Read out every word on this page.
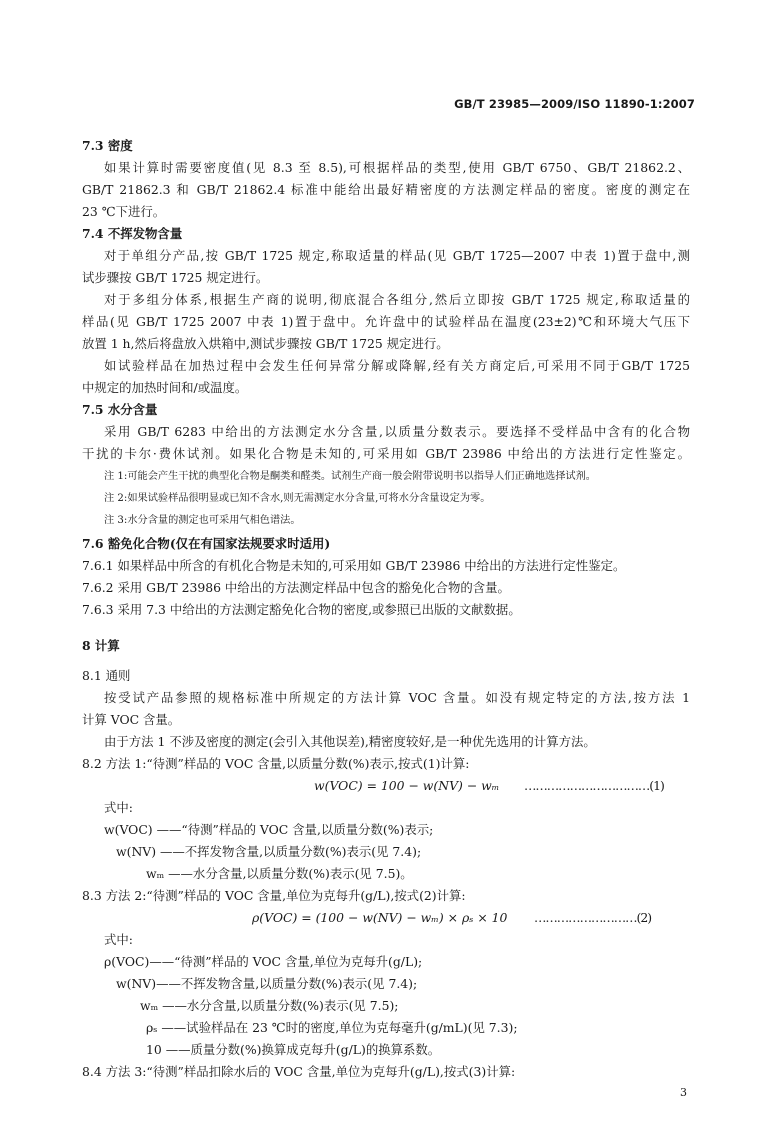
GB/T 23985—2009/ISO 11890-1:2007
7.3 密度
如果计算时需要密度值(见 8.3 至 8.5),可根据样品的类型,使用 GB/T 6750、GB/T 21862.2、
GB/T 21862.3 和 GB/T 21862.4 标准中能给出最好精密度的方法测定样品的密度。密度的测定在
23 ℃下进行。
7.4 不挥发物含量
对于单组分产品,按 GB/T 1725 规定,称取适量的样品(见 GB/T 1725—2007 中表 1)置于盘中,测
试步骤按 GB/T 1725 规定进行。
对于多组分体系,根据生产商的说明,彻底混合各组分,然后立即按 GB/T 1725 规定,称取适量的
样品(见 GB/T 1725 2007 中表 1)置于盘中。允许盘中的试验样品在温度(23±2)℃和环境大气压下
放置 1 h,然后将盘放入烘箱中,测试步骤按 GB/T 1725 规定进行。
如试验样品在加热过程中会发生任何异常分解或降解,经有关方商定后,可采用不同于GB/T 1725
中规定的加热时间和/或温度。
7.5 水分含量
采用 GB/T 6283 中给出的方法测定水分含量,以质量分数表示。要选择不受样品中含有的化合物
干扰的卡尔·费休试剂。如果化合物是未知的,可采用如 GB/T 23986 中给出的方法进行定性鉴定。
注 1:可能会产生干扰的典型化合物是酮类和醛类。试剂生产商一般会附带说明书以指导人们正确地选择试剂。
注 2:如果试验样品很明显或已知不含水,则无需测定水分含量,可将水分含量设定为零。
注 3:水分含量的测定也可采用气相色谱法。
7.6 豁免化合物(仅在有国家法规要求时适用)
7.6.1 如果样品中所含的有机化合物是未知的,可采用如 GB/T 23986 中给出的方法进行定性鉴定。
7.6.2 采用 GB/T 23986 中给出的方法测定样品中包含的豁免化合物的含量。
7.6.3 采用 7.3 中给出的方法测定豁免化合物的密度,或参照已出版的文献数据。
8 计算
8.1 通则
按受试产品参照的规格标准中所规定的方法计算 VOC 含量。如没有规定特定的方法,按方法 1
计算 VOC 含量。
由于方法 1 不涉及密度的测定(会引入其他误差),精密度较好,是一种优先选用的计算方法。
8.2 方法 1:“待测”样品的 VOC 含量,以质量分数(%)表示,按式(1)计算:
w(VOC) = 100 − w(NV) − wₘ ……………………………(1)
式中:
w(VOC) ——“待测”样品的 VOC 含量,以质量分数(%)表示;
w(NV) ——不挥发物含量,以质量分数(%)表示(见 7.4);
wₘ ——水分含量,以质量分数(%)表示(见 7.5)。
8.3 方法 2:“待测”样品的 VOC 含量,单位为克每升(g/L),按式(2)计算:
ρ(VOC) = (100 − w(NV) − wₘ) × ρₛ × 10 ………………………(2)
式中:
ρ(VOC)——“待测”样品的 VOC 含量,单位为克每升(g/L);
w(NV)——不挥发物含量,以质量分数(%)表示(见 7.4);
wₘ ——水分含量,以质量分数(%)表示(见 7.5);
ρₛ ——试验样品在 23 ℃时的密度,单位为克每毫升(g/mL)(见 7.3);
10 ——质量分数(%)换算成克每升(g/L)的换算系数。
8.4 方法 3:“待测”样品扣除水后的 VOC 含量,单位为克每升(g/L),按式(3)计算:
3
